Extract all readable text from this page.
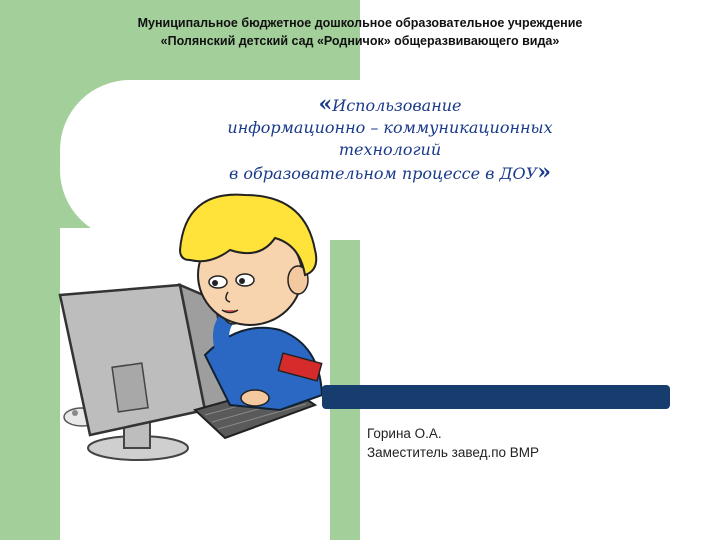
Муниципальное бюджетное дошкольное образовательное учреждение
«Полянский детский сад «Родничок» общеразвивающего вида»
«Использование
информационно – коммуникационных
технологий
в образовательном процессе в ДОУ»
Горина О.А.
Заместитель завед.по ВМР
